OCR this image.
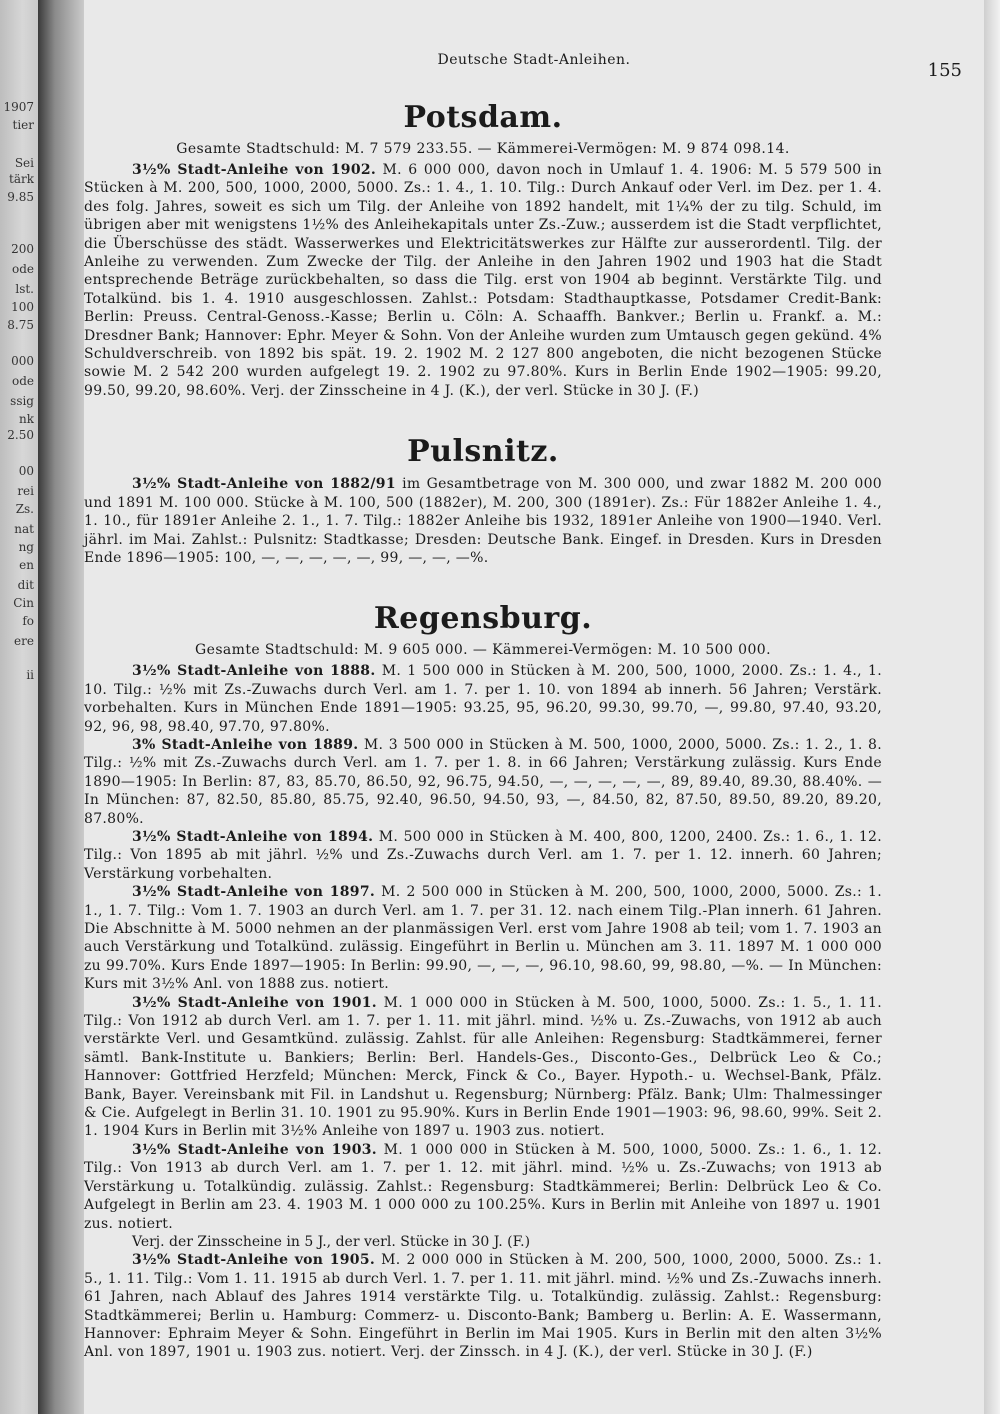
1907
tier
Sei
tärk
9.85
200
ode
lst.
100
8.75
000
ode
ssig
nk
2.50
00
rei
Zs.
nat
ng
en
dit
Cin
fo
ere
ii
Deutsche Stadt-Anleihen.	155
Potsdam.

Gesamte Stadtschuld: M. 7 579 233.55. — Kämmerei-Vermögen: M. 9 874 098.14.

3½% Stadt-Anleihe von 1902. M. 6 000 000, davon noch in Umlauf 1. 4. 1906: M. 5 579 500 in Stücken à M. 200, 500, 1000, 2000, 5000. Zs.: 1. 4., 1. 10. Tilg.: Durch Ankauf oder Verl. im Dez. per 1. 4. des folg. Jahres, soweit es sich um Tilg. der Anleihe von 1892 handelt, mit 1¼% der zu tilg. Schuld, im übrigen aber mit wenigstens 1½% des Anleihekapitals unter Zs.-Zuw.; ausserdem ist die Stadt verpflichtet, die Überschüsse des städt. Wasserwerkes und Elektricitätswerkes zur Hälfte zur ausserordentl. Tilg. der Anleihe zu verwenden. Zum Zwecke der Tilg. der Anleihe in den Jahren 1902 und 1903 hat die Stadt entsprechende Beträge zurückbehalten, so dass die Tilg. erst von 1904 ab beginnt. Verstärkte Tilg. und Totalkünd. bis 1. 4. 1910 ausgeschlossen. Zahlst.: Potsdam: Stadthauptkasse, Potsdamer Credit-Bank: Berlin: Preuss. Central-Genoss.-Kasse; Berlin u. Cöln: A. Schaaffh. Bankver.; Berlin u. Frankf. a. M.: Dresdner Bank; Hannover: Ephr. Meyer & Sohn. Von der Anleihe wurden zum Umtausch gegen gekünd. 4% Schuldverschreib. von 1892 bis spät. 19. 2. 1902 M. 2 127 800 angeboten, die nicht bezogenen Stücke sowie M. 2 542 200 wurden aufgelegt 19. 2. 1902 zu 97.80%. Kurs in Berlin Ende 1902—1905: 99.20, 99.50, 99.20, 98.60%. Verj. der Zinsscheine in 4 J. (K.), der verl. Stücke in 30 J. (F.)

Pulsnitz.

3½% Stadt-Anleihe von 1882/91 im Gesamtbetrage von M. 300 000, und zwar 1882 M. 200 000 und 1891 M. 100 000. Stücke à M. 100, 500 (1882er), M. 200, 300 (1891er). Zs.: Für 1882er Anleihe 1. 4., 1. 10., für 1891er Anleihe 2. 1., 1. 7. Tilg.: 1882er Anleihe bis 1932, 1891er Anleihe von 1900—1940. Verl. jährl. im Mai. Zahlst.: Pulsnitz: Stadtkasse; Dresden: Deutsche Bank. Eingef. in Dresden. Kurs in Dresden Ende 1896—1905: 100, —, —, —, —, —, 99, —, —, —%.

Regensburg.

Gesamte Stadtschuld: M. 9 605 000. — Kämmerei-Vermögen: M. 10 500 000.

3½% Stadt-Anleihe von 1888. M. 1 500 000 in Stücken à M. 200, 500, 1000, 2000. Zs.: 1. 4., 1. 10. Tilg.: ½% mit Zs.-Zuwachs durch Verl. am 1. 7. per 1. 10. von 1894 ab innerh. 56 Jahren; Verstärk. vorbehalten. Kurs in München Ende 1891—1905: 93.25, 95, 96.20, 99.30, 99.70, —, 99.80, 97.40, 93.20, 92, 96, 98, 98.40, 97.70, 97.80%.

3% Stadt-Anleihe von 1889. M. 3 500 000 in Stücken à M. 500, 1000, 2000, 5000. Zs.: 1. 2., 1. 8. Tilg.: ½% mit Zs.-Zuwachs durch Verl. am 1. 7. per 1. 8. in 66 Jahren; Verstärkung zulässig. Kurs Ende 1890—1905: In Berlin: 87, 83, 85.70, 86.50, 92, 96.75, 94.50, —, —, —, —, —, 89, 89.40, 89.30, 88.40%. — In München: 87, 82.50, 85.80, 85.75, 92.40, 96.50, 94.50, 93, —, 84.50, 82, 87.50, 89.50, 89.20, 89.20, 87.80%.

3½% Stadt-Anleihe von 1894. M. 500 000 in Stücken à M. 400, 800, 1200, 2400. Zs.: 1. 6., 1. 12. Tilg.: Von 1895 ab mit jährl. ½% und Zs.-Zuwachs durch Verl. am 1. 7. per 1. 12. innerh. 60 Jahren; Verstärkung vorbehalten.

3½% Stadt-Anleihe von 1897. M. 2 500 000 in Stücken à M. 200, 500, 1000, 2000, 5000. Zs.: 1. 1., 1. 7. Tilg.: Vom 1. 7. 1903 an durch Verl. am 1. 7. per 31. 12. nach einem Tilg.-Plan innerh. 61 Jahren. Die Abschnitte à M. 5000 nehmen an der planmässigen Verl. erst vom Jahre 1908 ab teil; vom 1. 7. 1903 an auch Verstärkung und Totalkünd. zulässig. Eingeführt in Berlin u. München am 3. 11. 1897 M. 1 000 000 zu 99.70%. Kurs Ende 1897—1905: In Berlin: 99.90, —, —, —, 96.10, 98.60, 99, 98.80, —%. — In München: Kurs mit 3½% Anl. von 1888 zus. notiert.

3½% Stadt-Anleihe von 1901. M. 1 000 000 in Stücken à M. 500, 1000, 5000. Zs.: 1. 5., 1. 11. Tilg.: Von 1912 ab durch Verl. am 1. 7. per 1. 11. mit jährl. mind. ½% u. Zs.-Zuwachs, von 1912 ab auch verstärkte Verl. und Gesamtkünd. zulässig. Zahlst. für alle Anleihen: Regensburg: Stadtkämmerei, ferner sämtl. Bank-Institute u. Bankiers; Berlin: Berl. Handels-Ges., Disconto-Ges., Delbrück Leo & Co.; Hannover: Gottfried Herzfeld; München: Merck, Finck & Co., Bayer. Hypoth.- u. Wechsel-Bank, Pfälz. Bank, Bayer. Vereinsbank mit Fil. in Landshut u. Regensburg; Nürnberg: Pfälz. Bank; Ulm: Thalmessinger & Cie. Aufgelegt in Berlin 31. 10. 1901 zu 95.90%. Kurs in Berlin Ende 1901—1903: 96, 98.60, 99%. Seit 2. 1. 1904 Kurs in Berlin mit 3½% Anleihe von 1897 u. 1903 zus. notiert.

3½% Stadt-Anleihe von 1903. M. 1 000 000 in Stücken à M. 500, 1000, 5000. Zs.: 1. 6., 1. 12. Tilg.: Von 1913 ab durch Verl. am 1. 7. per 1. 12. mit jährl. mind. ½% u. Zs.-Zuwachs; von 1913 ab Verstärkung u. Totalkündig. zulässig. Zahlst.: Regensburg: Stadtkämmerei; Berlin: Delbrück Leo & Co. Aufgelegt in Berlin am 23. 4. 1903 M. 1 000 000 zu 100.25%. Kurs in Berlin mit Anleihe von 1897 u. 1901 zus. notiert.

Verj. der Zinsscheine in 5 J., der verl. Stücke in 30 J. (F.)

3½% Stadt-Anleihe von 1905. M. 2 000 000 in Stücken à M. 200, 500, 1000, 2000, 5000. Zs.: 1. 5., 1. 11. Tilg.: Vom 1. 11. 1915 ab durch Verl. 1. 7. per 1. 11. mit jährl. mind. ½% und Zs.-Zuwachs innerh. 61 Jahren, nach Ablauf des Jahres 1914 verstärkte Tilg. u. Totalkündig. zulässig. Zahlst.: Regensburg: Stadtkämmerei; Berlin u. Hamburg: Commerz- u. Disconto-Bank; Bamberg u. Berlin: A. E. Wassermann, Hannover: Ephraim Meyer & Sohn. Eingeführt in Berlin im Mai 1905. Kurs in Berlin mit den alten 3½% Anl. von 1897, 1901 u. 1903 zus. notiert. Verj. der Zinssch. in 4 J. (K.), der verl. Stücke in 30 J. (F.)
